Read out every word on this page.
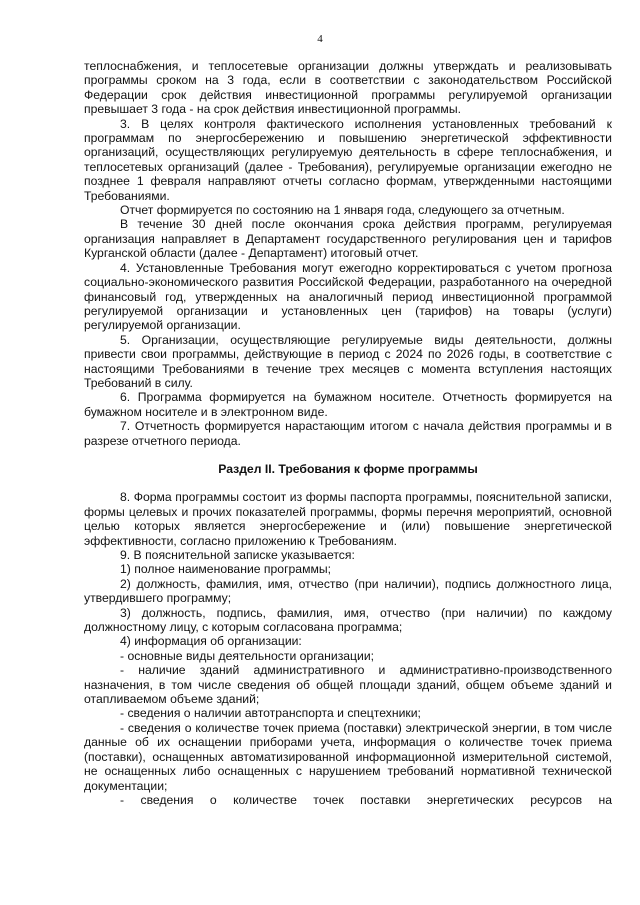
4

теплоснабжения, и теплосетевые организации должны утверждать и реализовывать программы сроком на 3 года, если в соответствии с законодательством Российской Федерации срок действия инвестиционной программы регулируемой организации превышает 3 года - на срок действия инвестиционной программы.

3. В целях контроля фактического исполнения установленных требований к программам по энергосбережению и повышению энергетической эффективности организаций, осуществляющих регулируемую деятельность в сфере теплоснабжения, и теплосетевых организаций (далее - Требования), регулируемые организации ежегодно не позднее 1 февраля направляют отчеты согласно формам, утвержденными настоящими Требованиями.

Отчет формируется по состоянию на 1 января года, следующего за отчетным.

В течение 30 дней после окончания срока действия программ, регулируемая организация направляет в Департамент государственного регулирования цен и тарифов Курганской области (далее - Департамент) итоговый отчет.

4. Установленные Требования могут ежегодно корректироваться с учетом прогноза социально-экономического развития Российской Федерации, разработанного на очередной финансовый год, утвержденных на аналогичный период инвестиционной программой регулируемой организации и установленных цен (тарифов) на товары (услуги) регулируемой организации.

5. Организации, осуществляющие регулируемые виды деятельности, должны привести свои программы, действующие в период с 2024 по 2026 годы, в соответствие с настоящими Требованиями в течение трех месяцев с момента вступления настоящих Требований в силу.

6. Программа формируется на бумажном носителе. Отчетность формируется на бумажном носителе и в электронном виде.

7. Отчетность формируется нарастающим итогом с начала действия программы и в разрезе отчетного периода.

Раздел II. Требования к форме программы

8. Форма программы состоит из формы паспорта программы, пояснительной записки, формы целевых и прочих показателей программы, формы перечня мероприятий, основной целью которых является энергосбережение и (или) повышение энергетической эффективности, согласно приложению к Требованиям.

9. В пояснительной записке указывается:

1) полное наименование программы;

2) должность, фамилия, имя, отчество (при наличии), подпись должностного лица, утвердившего программу;

3) должность, подпись, фамилия, имя, отчество (при наличии) по каждому должностному лицу, с которым согласована программа;

4) информация об организации:

- основные виды деятельности организации;

- наличие зданий административного и административно-производственного назначения, в том числе сведения об общей площади зданий, общем объеме зданий и отапливаемом объеме зданий;

- сведения о наличии автотранспорта и спецтехники;

- сведения о количестве точек приема (поставки) электрической энергии, в том числе данные об их оснащении приборами учета, информация о количестве точек приема (поставки), оснащенных автоматизированной информационной измерительной системой, не оснащенных либо оснащенных с нарушением требований нормативной технической документации;

- сведения о количестве точек поставки энергетических ресурсов на
